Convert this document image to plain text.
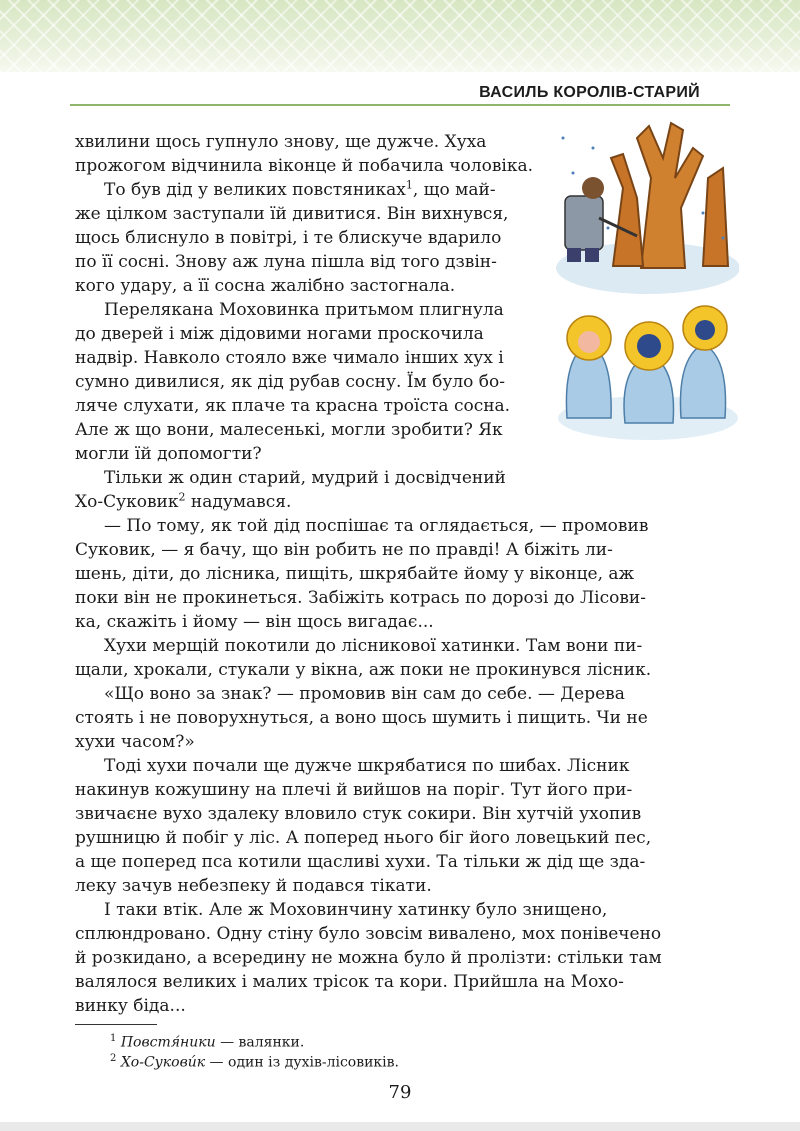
ВАСИЛЬ КОРОЛІВ-СТАРИЙ
хвилини щось гупнуло знову, ще дужче. Хуха
прожогом відчинила віконце й побачила чоловіка.
То був дід у великих повстяниках$^1$, що май-
же цілком заступали їй дивитися. Він вихнувся,
щось блиснуло в повітрі, і те блискуче вдарило
по її сосні. Знову аж луна пішла від того дзвін-
кого удару, а її сосна жалібно застогнала.
Перелякана Моховинка притьмом плигнула
до дверей і між дідовими ногами проскочила
надвір. Навколо стояло вже чимало інших хух і
сумно дивилися, як дід рубав сосну. Їм було бо-
ляче слухати, як плаче та красна троїста сосна.
Але ж що вони, малесенькі, могли зробити? Як
могли їй допомогти?
Тільки ж один старий, мудрий і досвідчений
Хо-Суковик$^2$ надумався.
— По тому, як той дід поспішає та оглядається, — промовив
Суковик, — я бачу, що він робить не по правді! А біжіть ли-
шень, діти, до лісника, пищіть, шкрябайте йому у віконце, аж
поки він не прокинеться. Забіжіть котрась по дорозі до Лісови-
ка, скажіть і йому — він щось вигадає...
Хухи мерщій покотили до лісникової хатинки. Там вони пи-
щали, хрокали, стукали у вікна, аж поки не прокинувся лісник.
«Що воно за знак? — промовив він сам до себе. — Дерева
стоять і не поворухнуться, а воно щось шумить і пищить. Чи не
хухи часом?»
Тоді хухи почали ще дужче шкрябатися по шибах. Лісник
накинув кожушину на плечі й вийшов на поріг. Тут його при-
звичаєне вухо здалеку вловило стук сокири. Він хутчій ухопив
рушницю й побіг у ліс. А поперед нього біг його ловецький пес,
а ще поперед пса котили щасливі хухи. Та тільки ж дід ще зда-
леку зачув небезпеку й подався тікати.
І таки втік. Але ж Моховинчину хатинку було знищено,
сплюндровано. Одну стіну було зовсім вивалено, мох понівечено
й розкидано, а всередину не можна було й пролізти: стільки там
валялося великих і малих трісок та кори. Прийшла на Мохо-
винку біда...
$^1$ Повстя́ники — валянки.
$^2$ Хо-Суковúк — один із духів-лісовиків.
79
